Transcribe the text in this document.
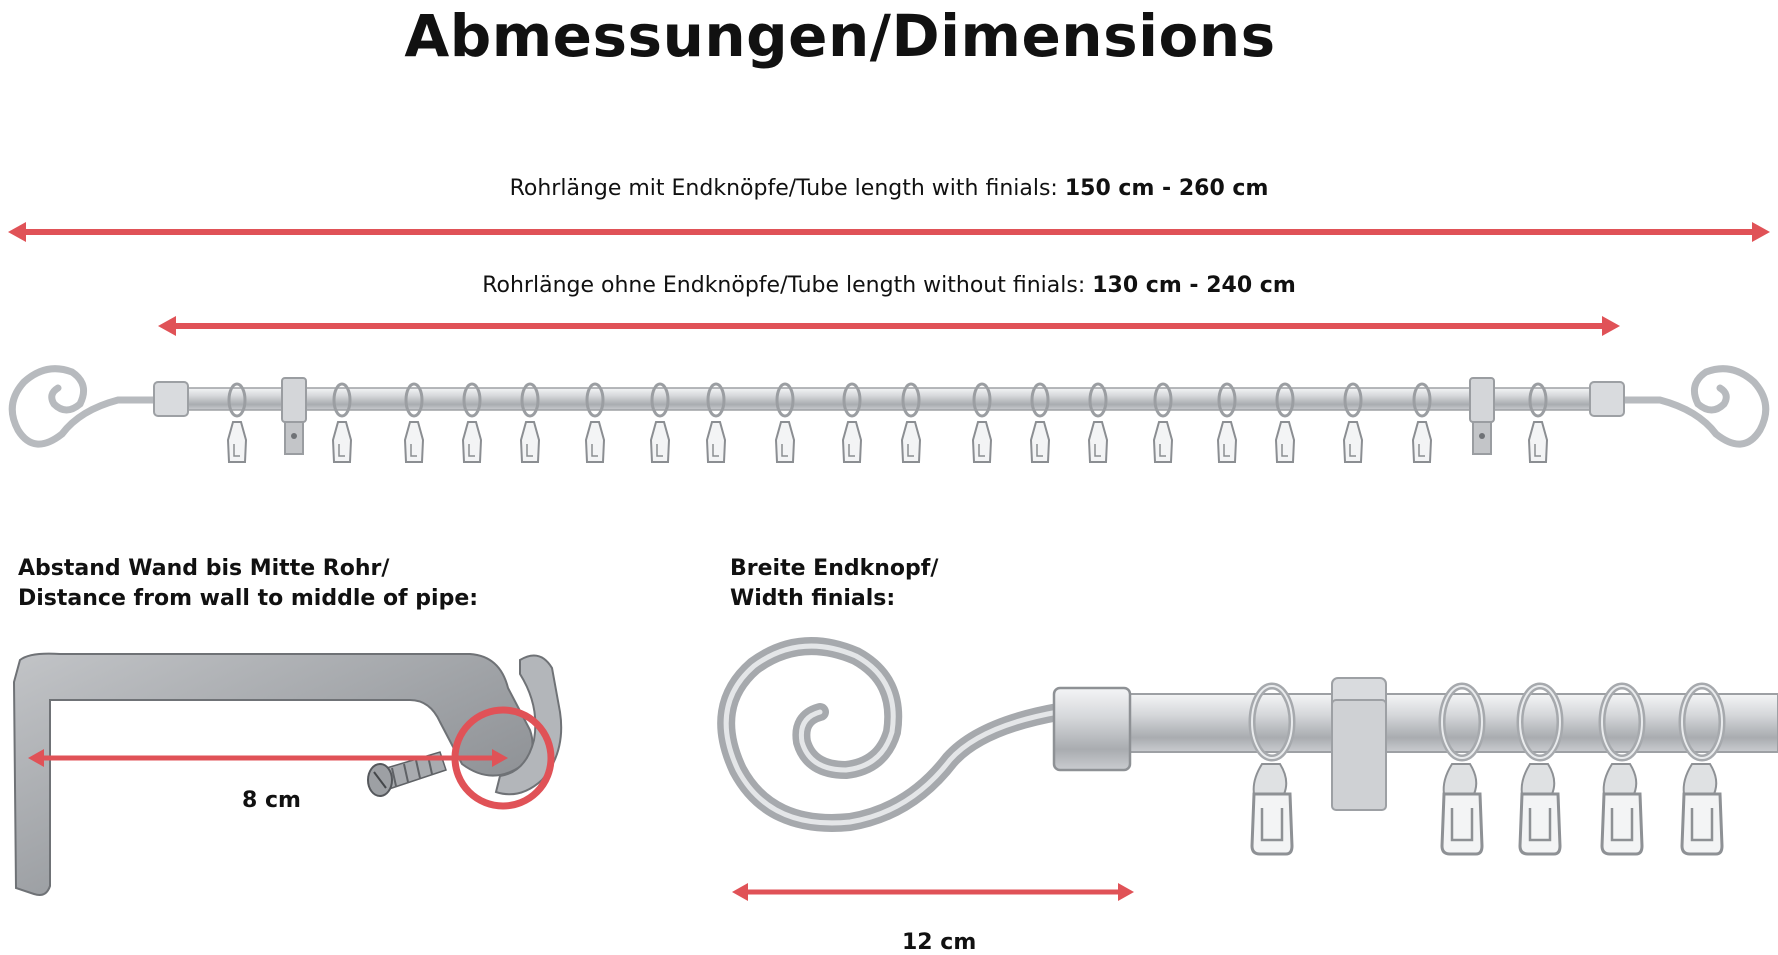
Abmessungen/Dimensions
Rohrlänge mit Endknöpfe/Tube length with finials: 150 cm - 260 cm
Rohrlänge ohne Endknöpfe/Tube length without finials: 130 cm - 240 cm
Abstand Wand bis Mitte Rohr/
Distance from wall to middle of pipe:
8 cm
Breite Endknopf/
Width finials:
12 cm
